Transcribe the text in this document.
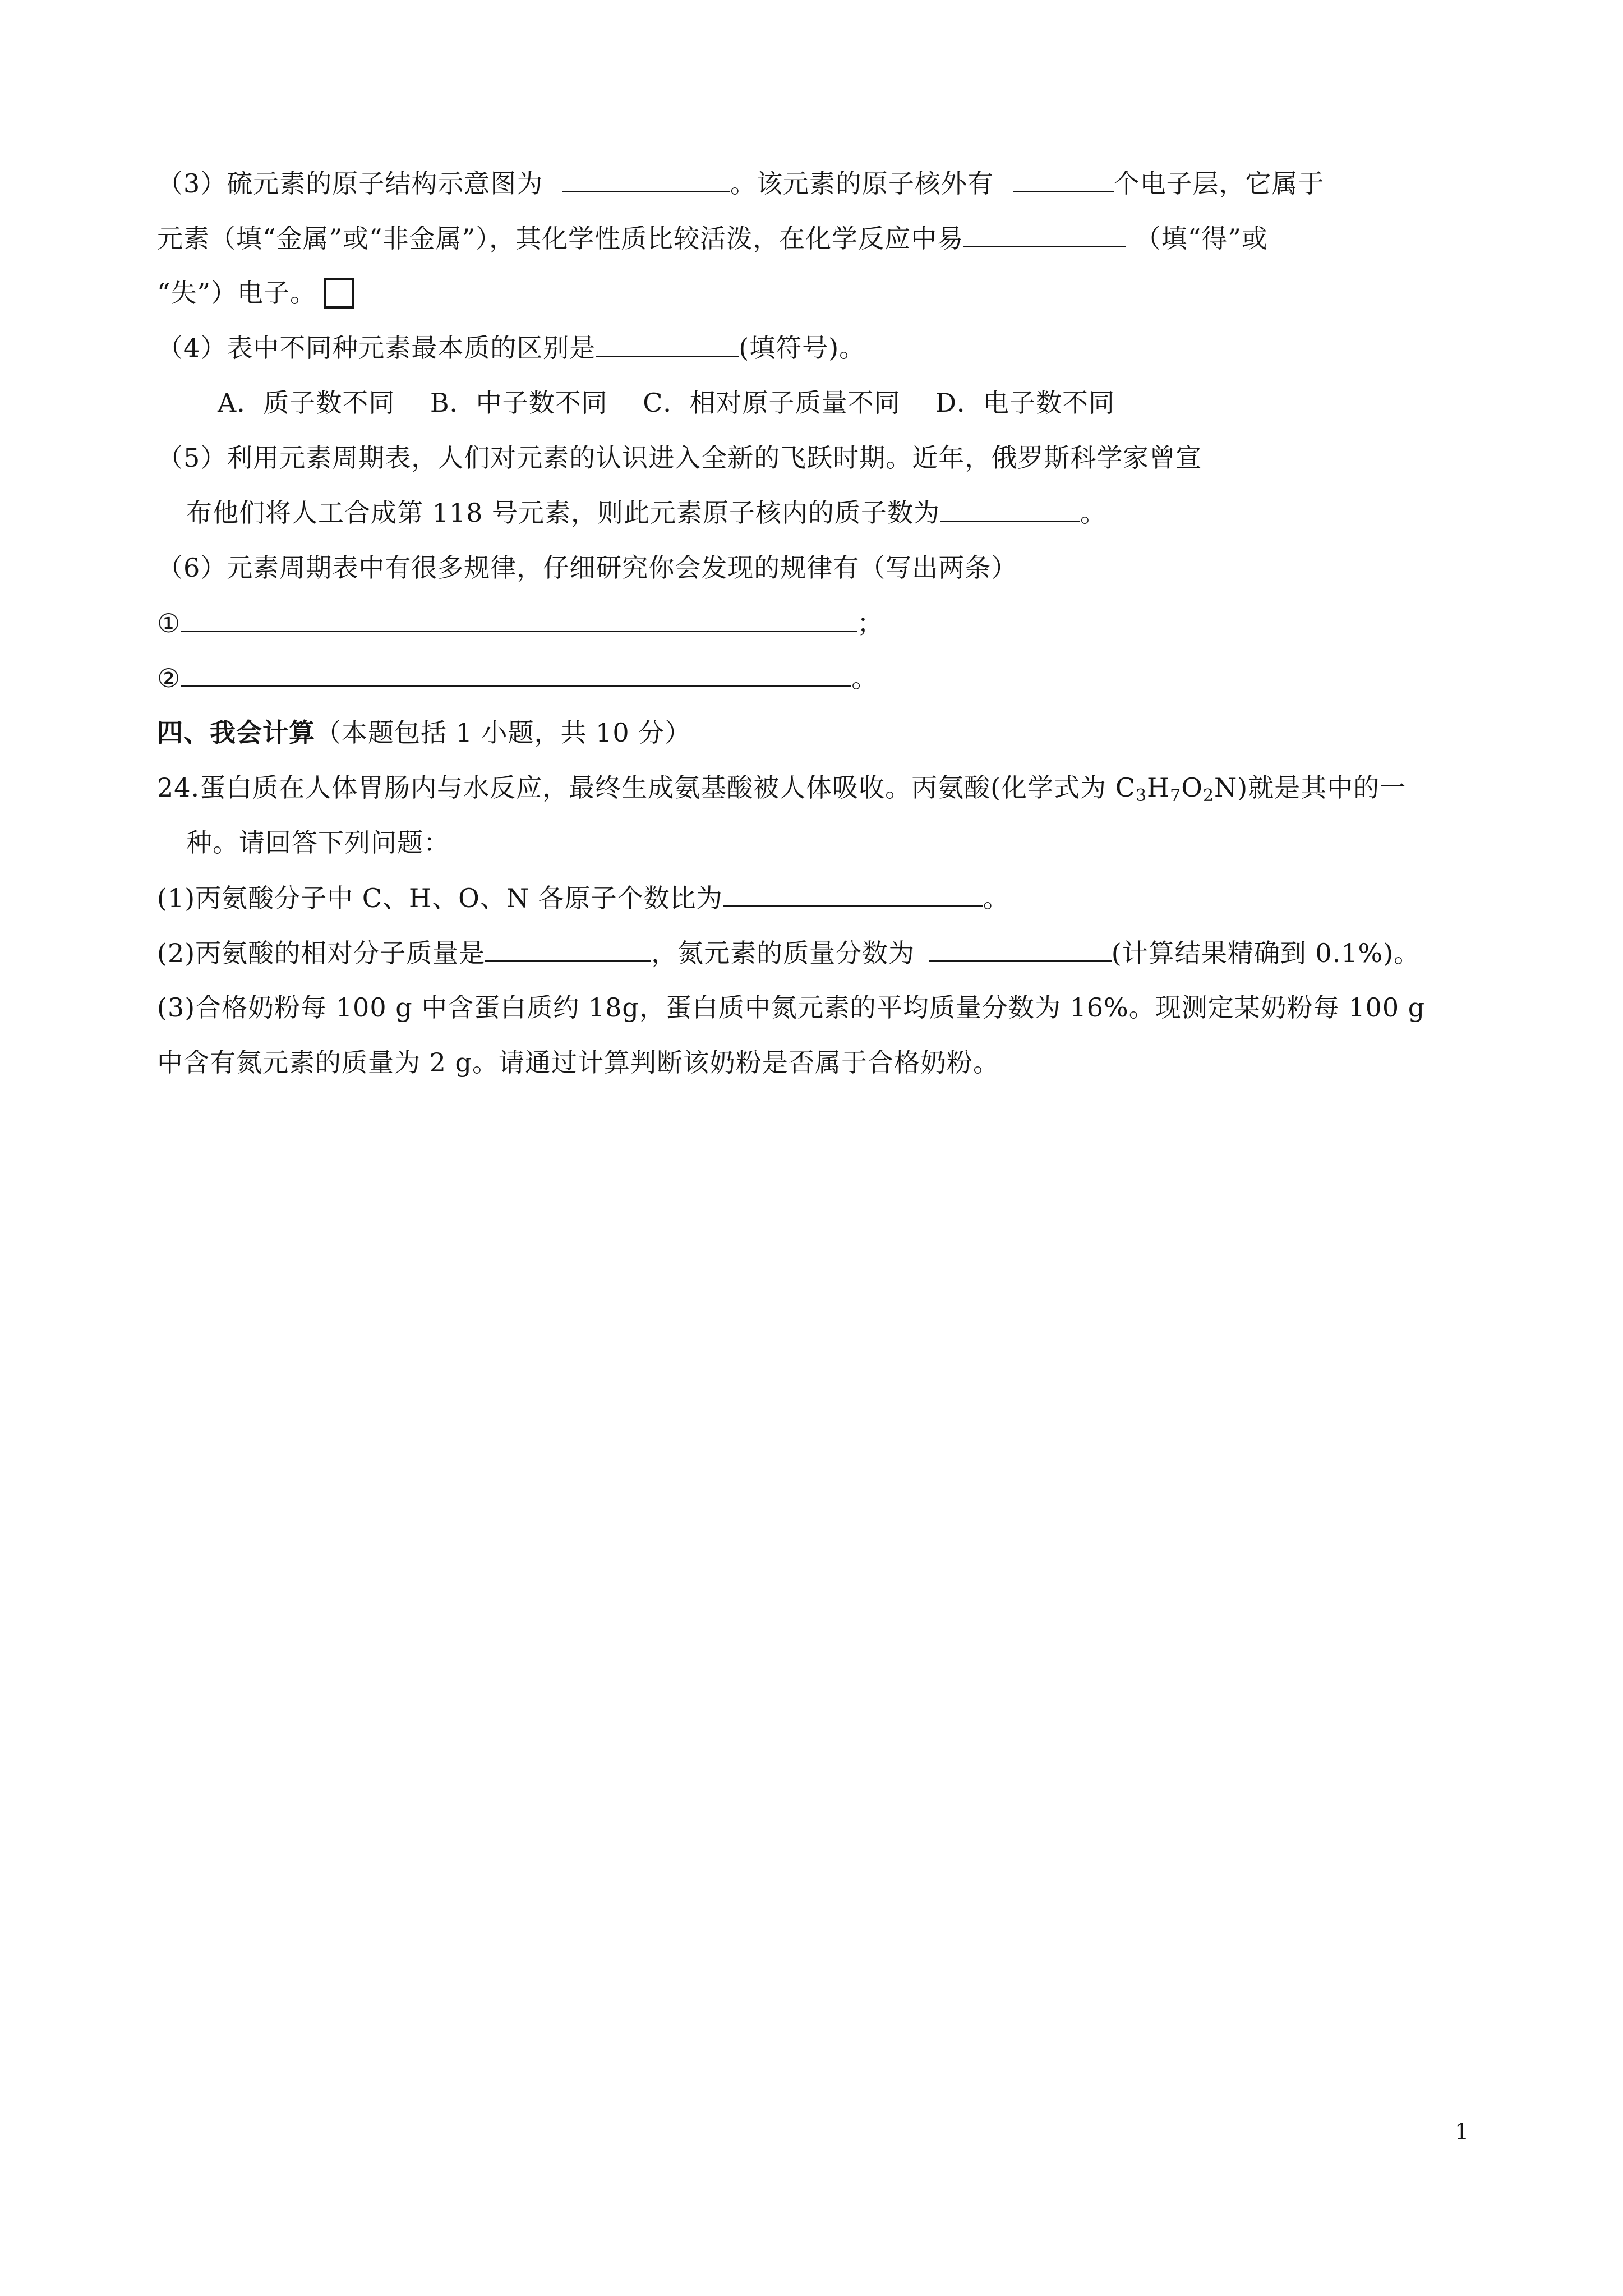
（3）硫元素的原子结构示意图为	。该元素的原子核外有	个电子层，它属于
元素（填“金属”或“非金属”），其化学性质比较活泼，在化学反应中易	（填“得”或
“失”）电子。
（4）表中不同种元素最本质的区别是	(填符号)。
A．质子数不同　 B．中子数不同　 C．相对原子质量不同　 D．电子数不同
（5）利用元素周期表，人们对元素的认识进入全新的飞跃时期。近年，俄罗斯科学家曾宣
布他们将人工合成第 118 号元素，则此元素原子核内的质子数为	。
（6）元素周期表中有很多规律，仔细研究你会发现的规律有（写出两条）
①	；
②	。
四、我会计算（本题包括 1 小题，共 10 分）
24.蛋白质在人体胃肠内与水反应，最终生成氨基酸被人体吸收。丙氨酸(化学式为 $C_3H_7O_2N$)就是其中的一
种。请回答下列问题：
(1)丙氨酸分子中 C、H、O、N 各原子个数比为	。
(2)丙氨酸的相对分子质量是	，氮元素的质量分数为	(计算结果精确到 0.1%)。
(3)合格奶粉每 100 g 中含蛋白质约 18g，蛋白质中氮元素的平均质量分数为 16%。现测定某奶粉每 100 g
中含有氮元素的质量为 2 g。请通过计算判断该奶粉是否属于合格奶粉。
1
